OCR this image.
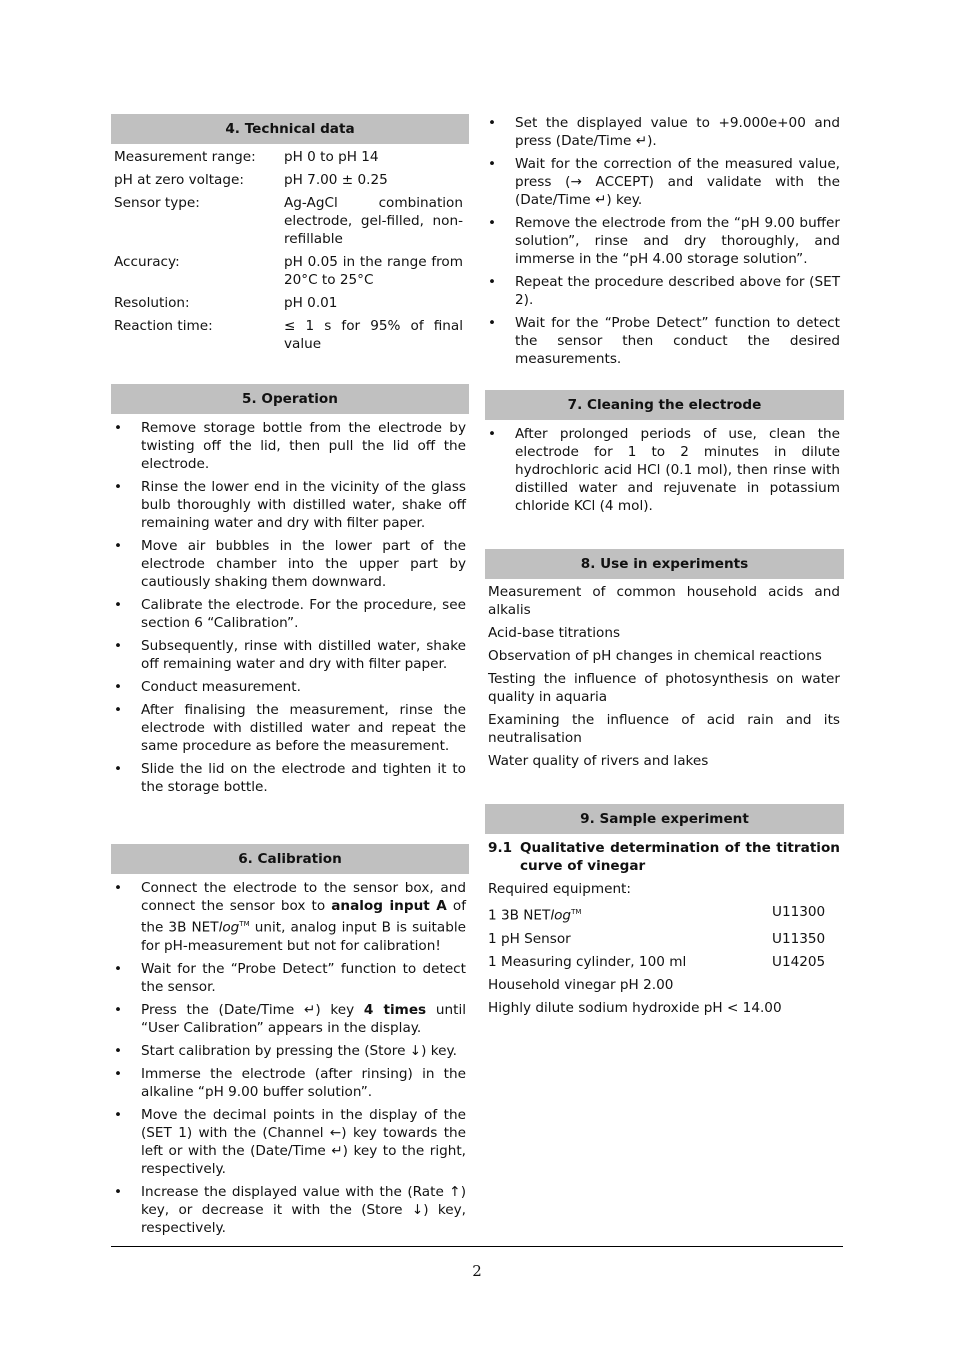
4. Technical data
Measurement range:	pH 0 to pH 14
pH at zero voltage:	pH 7.00 ± 0.25
Sensor type:	Ag-AgCl combination electrode, gel-filled, non-refillable
Accuracy:	pH 0.05 in the range from 20°C to 25°C
Resolution:	pH 0.01
Reaction time:	≤ 1 s for 95% of final value
5. Operation
• Remove storage bottle from the electrode by twisting off the lid, then pull the lid off the electrode.
• Rinse the lower end in the vicinity of the glass bulb thoroughly with distilled water, shake off remaining water and dry with filter paper.
• Move air bubbles in the lower part of the electrode chamber into the upper part by cautiously shaking them downward.
• Calibrate the electrode. For the procedure, see section 6 “Calibration”.
• Subsequently, rinse with distilled water, shake off remaining water and dry with filter paper.
• Conduct measurement.
• After finalising the measurement, rinse the electrode with distilled water and repeat the same procedure as before the measurement.
• Slide the lid on the electrode and tighten it to the storage bottle.
6. Calibration
• Connect the electrode to the sensor box, and connect the sensor box to analog input A of the 3B NETlog™ unit, analog input B is suitable for pH-measurement but not for calibration!
• Wait for the “Probe Detect” function to detect the sensor.
• Press the (Date/Time ↵) key 4 times until “User Calibration” appears in the display.
• Start calibration by pressing the (Store ↓) key.
• Immerse the electrode (after rinsing) in the alkaline “pH 9.00 buffer solution”.
• Move the decimal points in the display of the (SET 1) with the (Channel ←) key towards the left or with the (Date/Time ↵) key to the right, respectively.
• Increase the displayed value with the (Rate ↑) key, or decrease it with the (Store ↓) key, respectively.
• Set the displayed value to +9.000e+00 and press (Date/Time ↵).
• Wait for the correction of the measured value, press (→ ACCEPT) and validate with the (Date/Time ↵) key.
• Remove the electrode from the “pH 9.00 buffer solution”, rinse and dry thoroughly, and immerse in the “pH 4.00 storage solution”.
• Repeat the procedure described above for (SET 2).
• Wait for the “Probe Detect” function to detect the sensor then conduct the desired measurements.
7. Cleaning the electrode
• After prolonged periods of use, clean the electrode for 1 to 2 minutes in dilute hydrochloric acid HCl (0.1 mol), then rinse with distilled water and rejuvenate in potassium chloride KCl (4 mol).
8. Use in experiments
Measurement of common household acids and alkalis
Acid-base titrations
Observation of pH changes in chemical reactions
Testing the influence of photosynthesis on water quality in aquaria
Examining the influence of acid rain and its neutralisation
Water quality of rivers and lakes
9. Sample experiment
9.1 Qualitative determination of the titration curve of vinegar
Required equipment:
1 3B NETlog™	U11300
1 pH Sensor	U11350
1 Measuring cylinder, 100 ml	U14205
Household vinegar pH 2.00
Highly dilute sodium hydroxide pH < 14.00
2
